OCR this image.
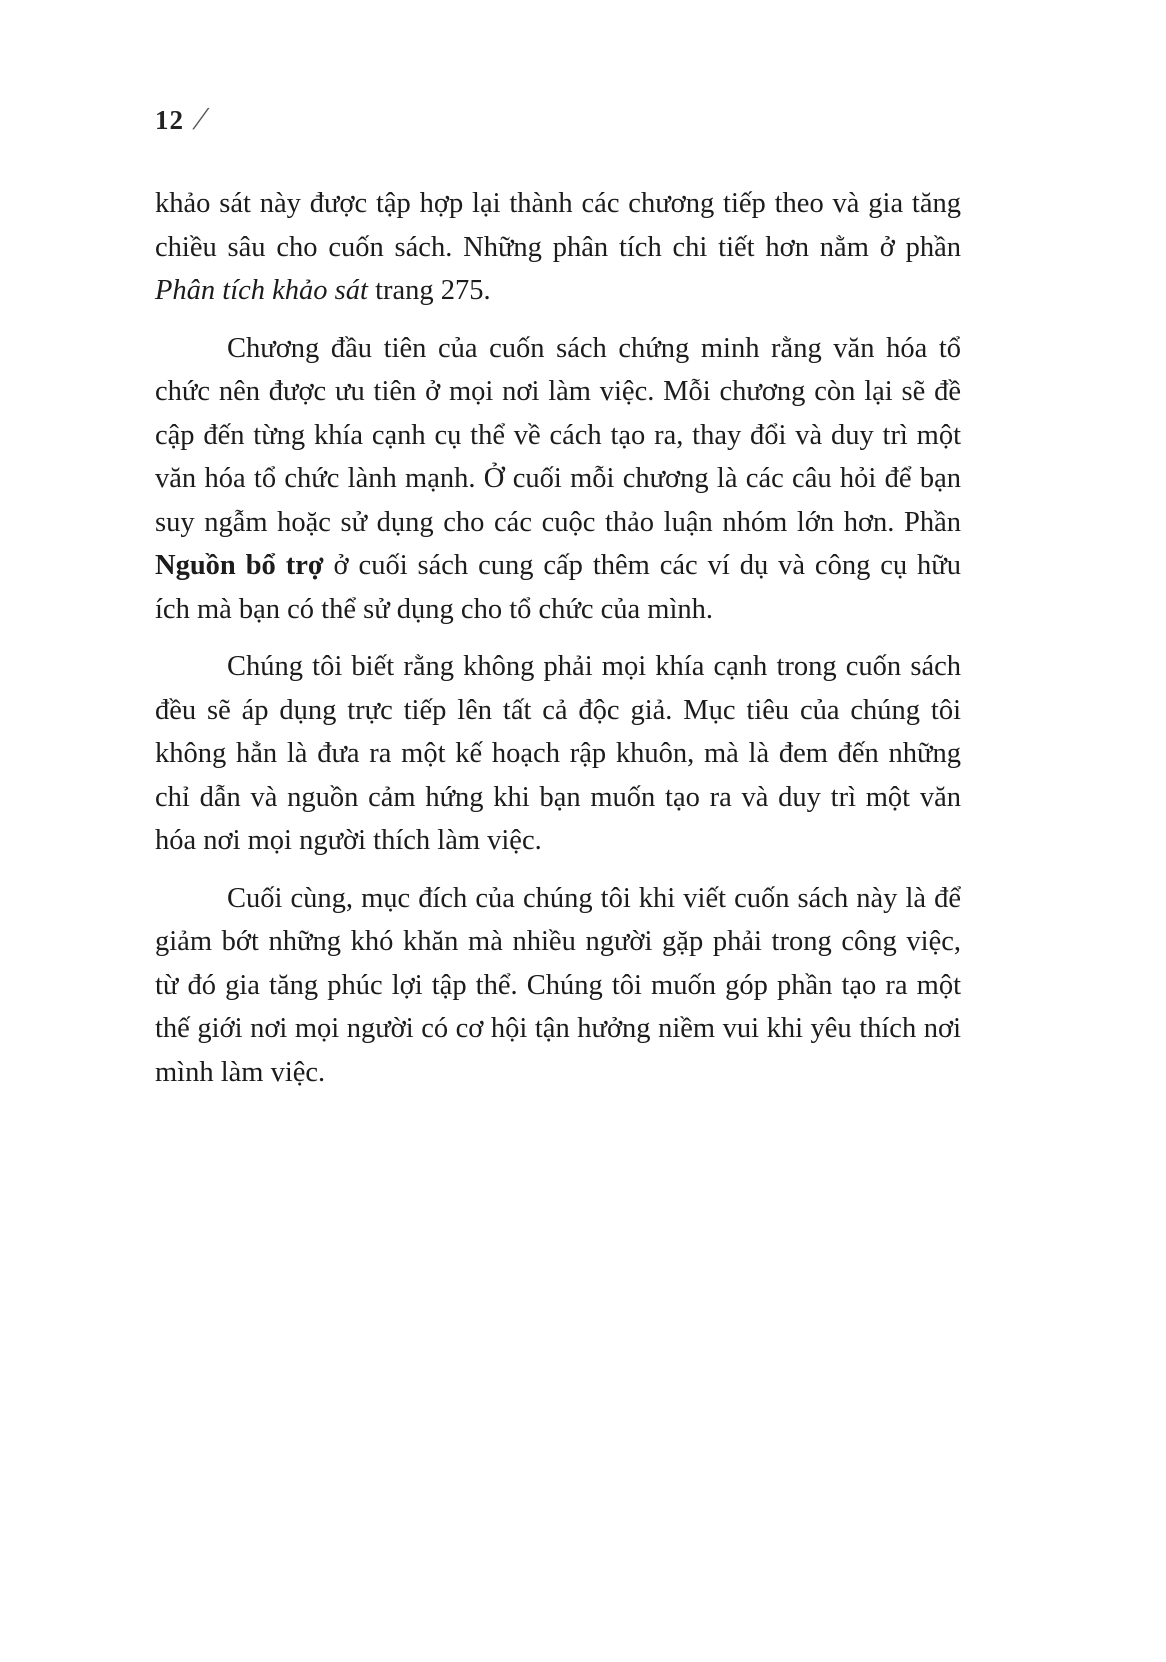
12 /

khảo sát này được tập hợp lại thành các chương tiếp theo và gia tăng chiều sâu cho cuốn sách. Những phân tích chi tiết hơn nằm ở phần Phân tích khảo sát trang 275.

Chương đầu tiên của cuốn sách chứng minh rằng văn hóa tổ chức nên được ưu tiên ở mọi nơi làm việc. Mỗi chương còn lại sẽ đề cập đến từng khía cạnh cụ thể về cách tạo ra, thay đổi và duy trì một văn hóa tổ chức lành mạnh. Ở cuối mỗi chương là các câu hỏi để bạn suy ngẫm hoặc sử dụng cho các cuộc thảo luận nhóm lớn hơn. Phần Nguồn bổ trợ ở cuối sách cung cấp thêm các ví dụ và công cụ hữu ích mà bạn có thể sử dụng cho tổ chức của mình.

Chúng tôi biết rằng không phải mọi khía cạnh trong cuốn sách đều sẽ áp dụng trực tiếp lên tất cả độc giả. Mục tiêu của chúng tôi không hẳn là đưa ra một kế hoạch rập khuôn, mà là đem đến những chỉ dẫn và nguồn cảm hứng khi bạn muốn tạo ra và duy trì một văn hóa nơi mọi người thích làm việc.

Cuối cùng, mục đích của chúng tôi khi viết cuốn sách này là để giảm bớt những khó khăn mà nhiều người gặp phải trong công việc, từ đó gia tăng phúc lợi tập thể. Chúng tôi muốn góp phần tạo ra một thế giới nơi mọi người có cơ hội tận hưởng niềm vui khi yêu thích nơi mình làm việc.
